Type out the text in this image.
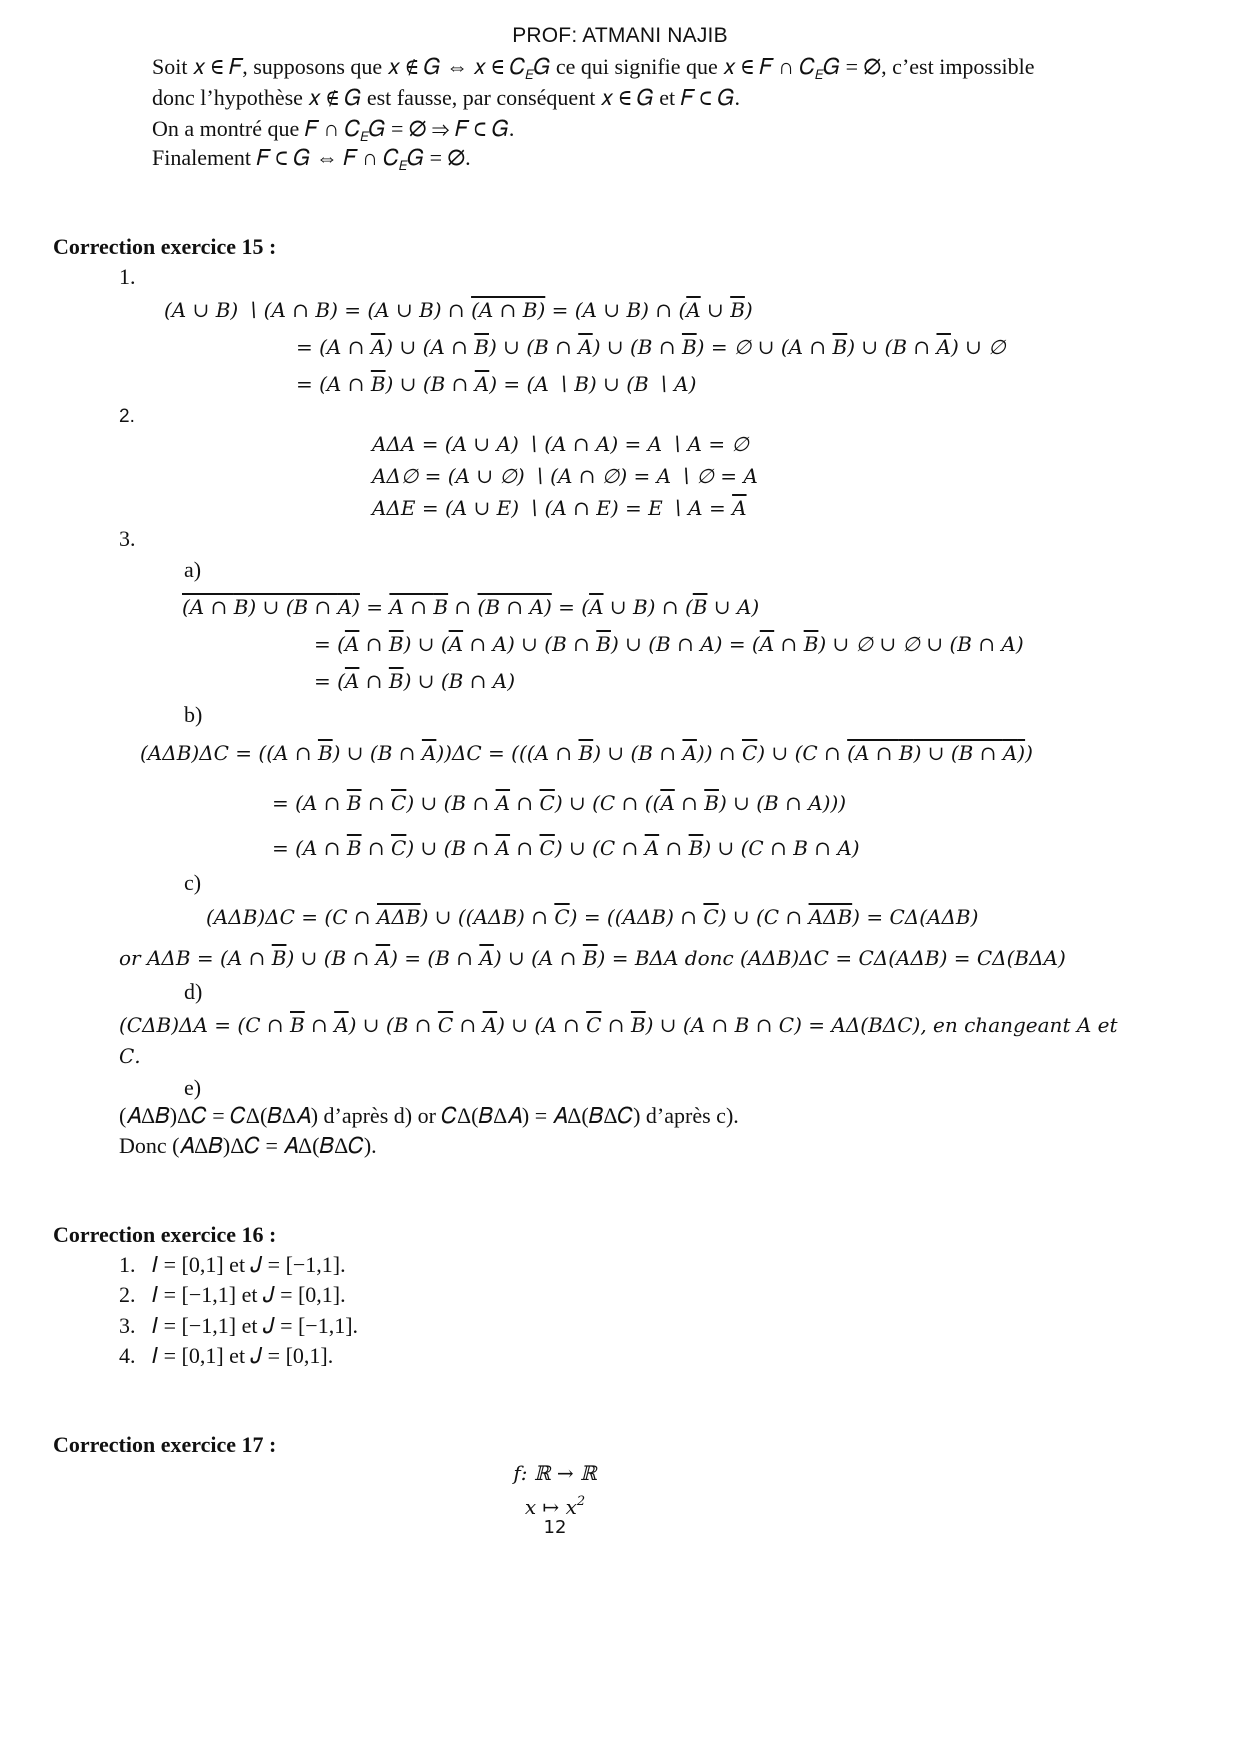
PROF: ATMANI NAJIB
Soit 𝑥 ∈ 𝐹, supposons que 𝑥 ∉ 𝐺 ⇔ 𝑥 ∈ 𝐶$_𝐸$𝐺 ce qui signifie que 𝑥 ∈ 𝐹 ∩ 𝐶$_𝐸$𝐺 = ∅, c’est impossible
donc l’hypothèse 𝑥 ∉ 𝐺 est fausse, par conséquent 𝑥 ∈ 𝐺 et 𝐹 ⊂ 𝐺.
On a montré que 𝐹 ∩ 𝐶$_𝐸$𝐺 = ∅ ⇒ 𝐹 ⊂ 𝐺.
Finalement 𝐹 ⊂ 𝐺 ⇔ 𝐹 ∩ 𝐶$_𝐸$𝐺 = ∅.
Correction exercice 15 :
1.
(𝐴 ∪ 𝐵) ∖ (𝐴 ∩ 𝐵) = (𝐴 ∪ 𝐵) ∩ (𝐴 ∩ 𝐵) = (𝐴 ∪ 𝐵) ∩ (𝐴 ∪ 𝐵)
= (𝐴 ∩ 𝐴) ∪ (𝐴 ∩ 𝐵) ∪ (𝐵 ∩ 𝐴) ∪ (𝐵 ∩ 𝐵) = ∅ ∪ (𝐴 ∩ 𝐵) ∪ (𝐵 ∩ 𝐴) ∪ ∅
= (𝐴 ∩ 𝐵) ∪ (𝐵 ∩ 𝐴) = (𝐴 ∖ 𝐵) ∪ (𝐵 ∖ 𝐴)
2.
𝐴Δ𝐴 = (𝐴 ∪ 𝐴) ∖ (𝐴 ∩ 𝐴) = 𝐴 ∖ 𝐴 = ∅
𝐴Δ∅ = (𝐴 ∪ ∅) ∖ (𝐴 ∩ ∅) = 𝐴 ∖ ∅ = 𝐴
𝐴Δ𝐸 = (𝐴 ∪ 𝐸) ∖ (𝐴 ∩ 𝐸) = 𝐸 ∖ 𝐴 = 𝐴
3.
a)
(𝐴 ∩ 𝐵) ∪ (𝐵 ∩ 𝐴) = 𝐴 ∩ 𝐵 ∩ (𝐵 ∩ 𝐴) = (𝐴 ∪ 𝐵) ∩ (𝐵 ∪ 𝐴)
= (𝐴 ∩ 𝐵) ∪ (𝐴 ∩ 𝐴) ∪ (𝐵 ∩ 𝐵) ∪ (𝐵 ∩ 𝐴) = (𝐴 ∩ 𝐵) ∪ ∅ ∪ ∅ ∪ (𝐵 ∩ 𝐴)
= (𝐴 ∩ 𝐵) ∪ (𝐵 ∩ 𝐴)
b)
(𝐴Δ𝐵)Δ𝐶 = ((𝐴 ∩ 𝐵) ∪ (𝐵 ∩ 𝐴))Δ𝐶 = (((𝐴 ∩ 𝐵) ∪ (𝐵 ∩ 𝐴)) ∩ 𝐶) ∪ (𝐶 ∩ (𝐴 ∩ 𝐵) ∪ (𝐵 ∩ 𝐴))
= (𝐴 ∩ 𝐵 ∩ 𝐶) ∪ (𝐵 ∩ 𝐴 ∩ 𝐶) ∪ (𝐶 ∩ ((𝐴 ∩ 𝐵) ∪ (𝐵 ∩ 𝐴)))
= (𝐴 ∩ 𝐵 ∩ 𝐶) ∪ (𝐵 ∩ 𝐴 ∩ 𝐶) ∪ (𝐶 ∩ 𝐴 ∩ 𝐵) ∪ (𝐶 ∩ 𝐵 ∩ 𝐴)
c)
(𝐴Δ𝐵)ΔC = (𝐶 ∩ 𝐴Δ𝐵) ∪ ((𝐴Δ𝐵) ∩ 𝐶) = ((𝐴Δ𝐵) ∩ 𝐶) ∪ (𝐶 ∩ 𝐴Δ𝐵) = 𝐶Δ(𝐴Δ𝐵)
or 𝐴Δ𝐵 = (𝐴 ∩ 𝐵) ∪ (𝐵 ∩ 𝐴) = (𝐵 ∩ 𝐴) ∪ (𝐴 ∩ 𝐵) = 𝐵Δ𝐴 donc (𝐴Δ𝐵)ΔC = 𝐶Δ(𝐴Δ𝐵) = 𝐶Δ(𝐵Δ𝐴)
d)
(𝐶Δ𝐵)Δ𝐴 = (𝐶 ∩ 𝐵 ∩ 𝐴) ∪ (𝐵 ∩ 𝐶 ∩ 𝐴) ∪ (𝐴 ∩ 𝐶 ∩ 𝐵) ∪ (𝐴 ∩ 𝐵 ∩ 𝐶) = 𝐴Δ(𝐵Δ𝐶), en changeant 𝐴 et
𝐶.
e)
(𝐴Δ𝐵)Δ𝐶 = 𝐶Δ(𝐵Δ𝐴) d’après d) or 𝐶Δ(𝐵Δ𝐴) = 𝐴Δ(𝐵Δ𝐶) d’après c).
Donc (𝐴Δ𝐵)Δ𝐶 = 𝐴Δ(𝐵Δ𝐶).
Correction exercice 16 :
1. 𝐼 = [0,1] et 𝐽 = [−1,1].
2. 𝐼 = [−1,1] et 𝐽 = [0,1].
3. 𝐼 = [−1,1] et 𝐽 = [−1,1].
4. 𝐼 = [0,1] et 𝐽 = [0,1].
Correction exercice 17 :
𝑓: ℝ → ℝ
𝑥 ↦ 𝑥$^2$
12
